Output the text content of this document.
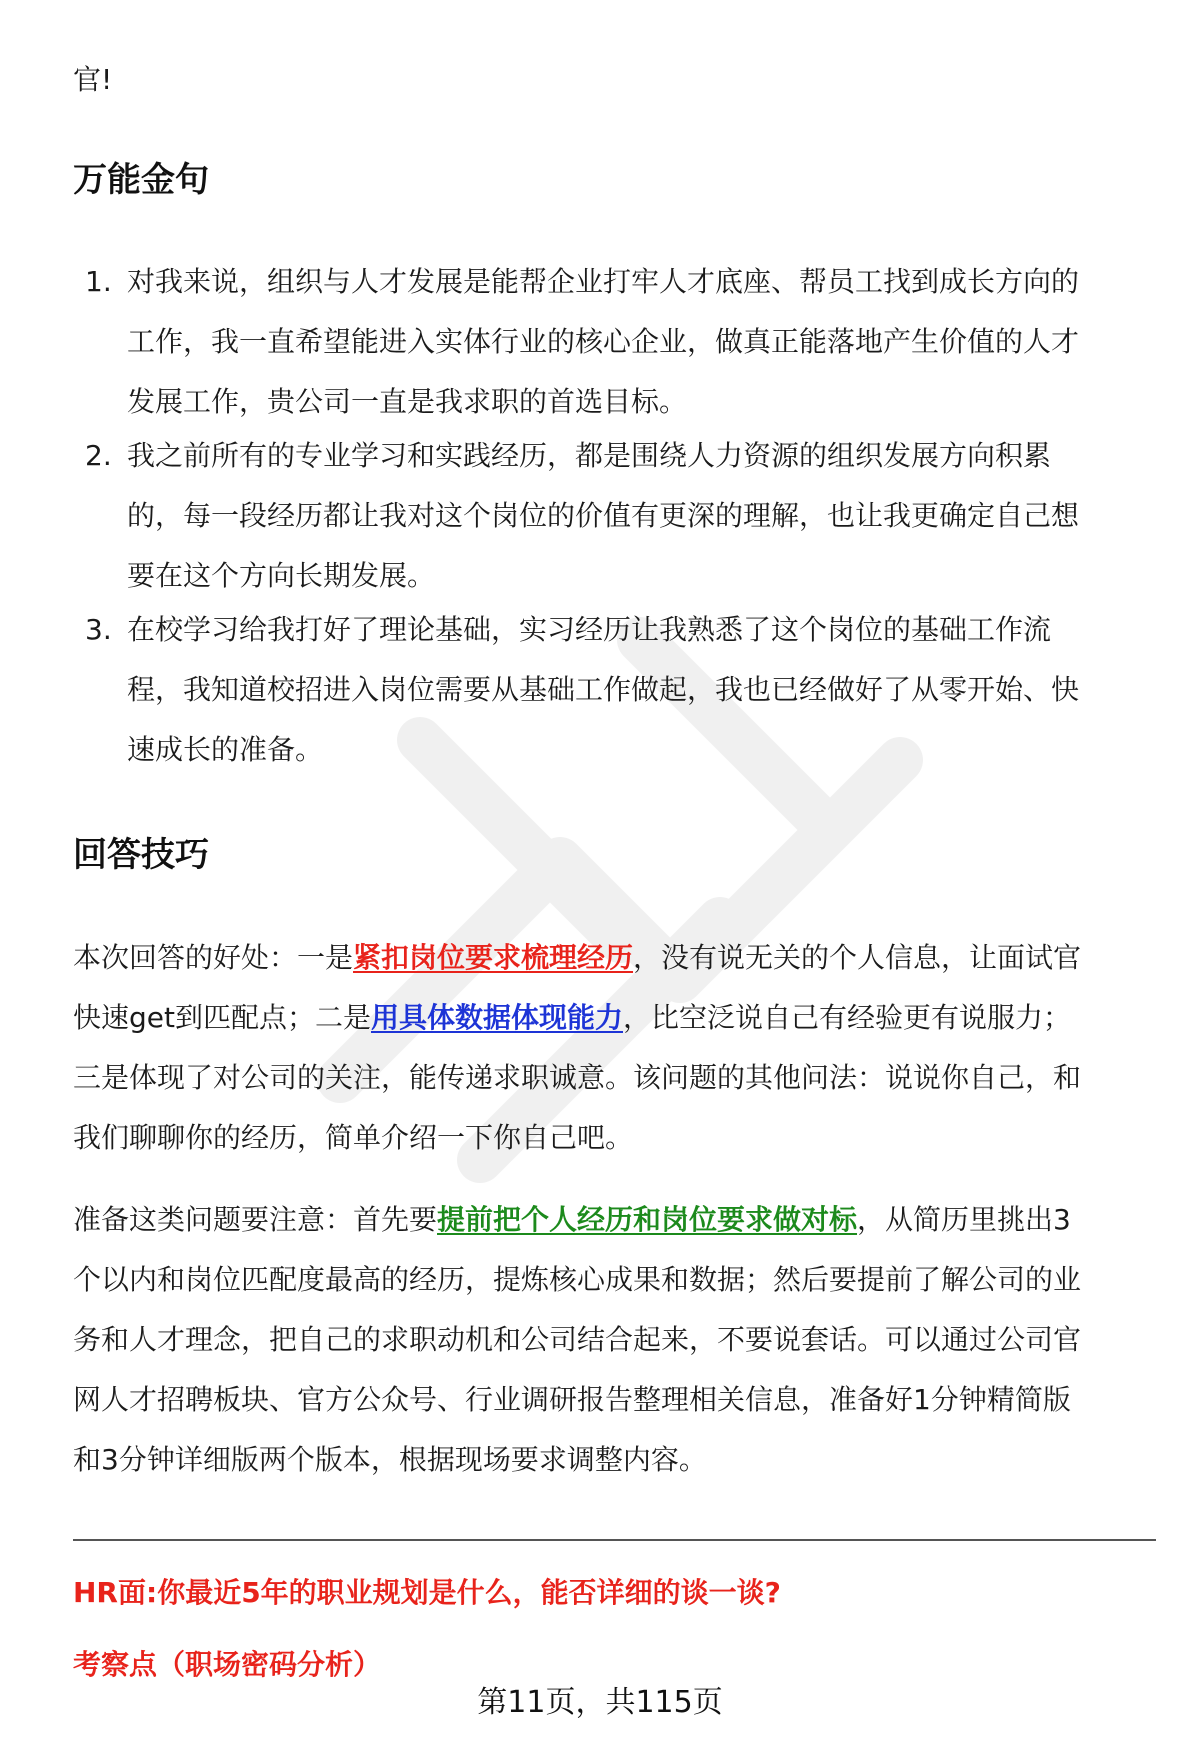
官!

万能金句
1. 对我来说，组织与人才发展是能帮企业打牢人才底座、帮员工找到成长方向的
工作，我一直希望能进入实体行业的核心企业，做真正能落地产生价值的人才
发展工作，贵公司一直是我求职的首选目标。
2. 我之前所有的专业学习和实践经历，都是围绕人力资源的组织发展方向积累
的，每一段经历都让我对这个岗位的价值有更深的理解，也让我更确定自己想
要在这个方向长期发展。
3. 在校学习给我打好了理论基础，实习经历让我熟悉了这个岗位的基础工作流
程，我知道校招进入岗位需要从基础工作做起，我也已经做好了从零开始、快
速成长的准备。
回答技巧
本次回答的好处：一是紧扣岗位要求梳理经历，没有说无关的个人信息，让面试官
快速get到匹配点；二是用具体数据体现能力，比空泛说自己有经验更有说服力；
三是体现了对公司的关注，能传递求职诚意。该问题的其他问法：说说你自己，和
我们聊聊你的经历，简单介绍一下你自己吧。
准备这类问题要注意：首先要提前把个人经历和岗位要求做对标，从简历里挑出3
个以内和岗位匹配度最高的经历，提炼核心成果和数据；然后要提前了解公司的业
务和人才理念，把自己的求职动机和公司结合起来，不要说套话。可以通过公司官
网人才招聘板块、官方公众号、行业调研报告整理相关信息，准备好1分钟精简版
和3分钟详细版两个版本，根据现场要求调整内容。

HR面:你最近5年的职业规划是什么，能否详细的谈一谈?

考察点（职场密码分析）

第11页，共115页
